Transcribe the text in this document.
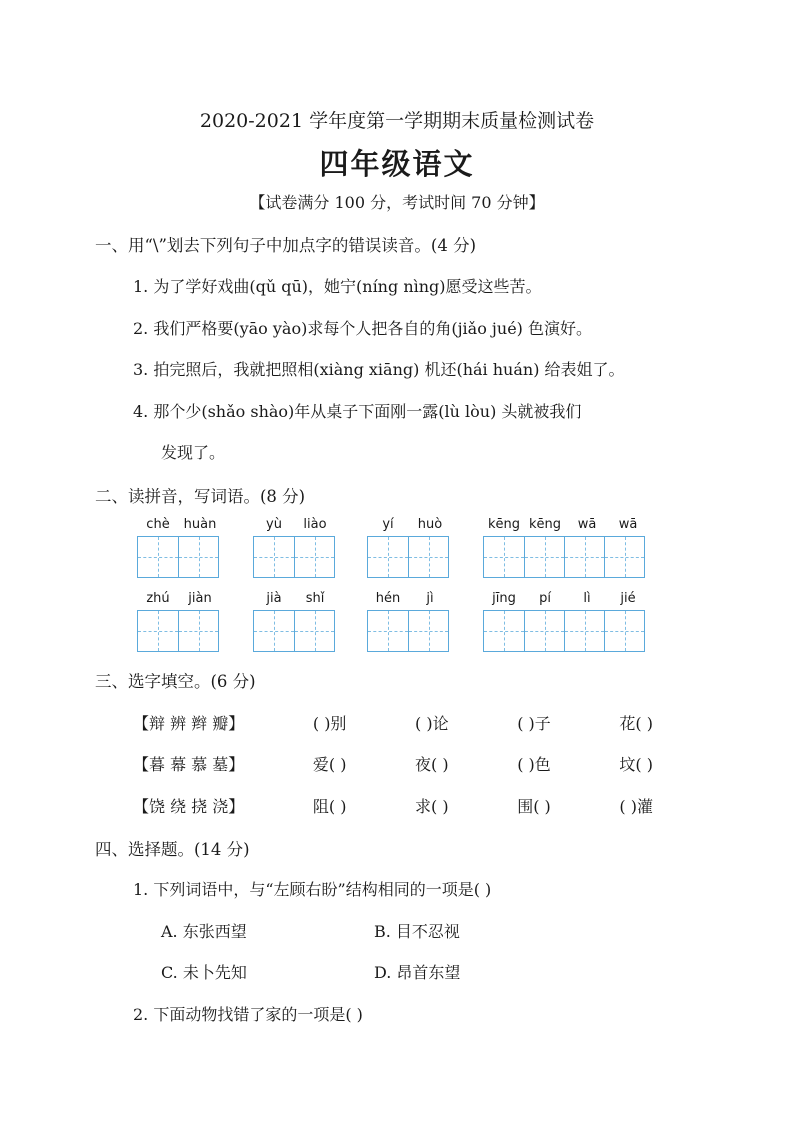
2020-2021 学年度第一学期期末质量检测试卷
四年级语文
【试卷满分 100 分，考试时间 70 分钟】
一、用“\”划去下列句子中加点字的错误读音。(4 分)
1. 为了学好戏曲(qǔ qū)，她宁(níng nìng)愿受这些苦。
2. 我们严格要(yāo yào)求每个人把各自的角(jiǎo jué) 色演好。
3. 拍完照后，我就把照相(xiàng xiāng) 机还(hái huán) 给表姐了。
4. 那个少(shǎo shào)年从桌子下面刚一露(lù lòu) 头就被我们
发现了。
二、读拼音，写词语。(8 分)
chè huàn	yù liào	yí huò	kēng kēng wā wā
zhú jiàn	jià shǐ	hén jì	jīng pí lì jié
三、选字填空。(6 分)
【辩 辨 辫 瓣】	( )别	( )论	( )子	花( )
【暮 幕 慕 墓】	爱( )	夜( )	( )色	坟( )
【饶 绕 挠 浇】	阻( )	求( )	围( )	( )灌
四、选择题。(14 分)
1. 下列词语中，与“左顾右盼”结构相同的一项是( )
A. 东张西望	B. 目不忍视
C. 未卜先知	D. 昂首东望
2. 下面动物找错了家的一项是( )
